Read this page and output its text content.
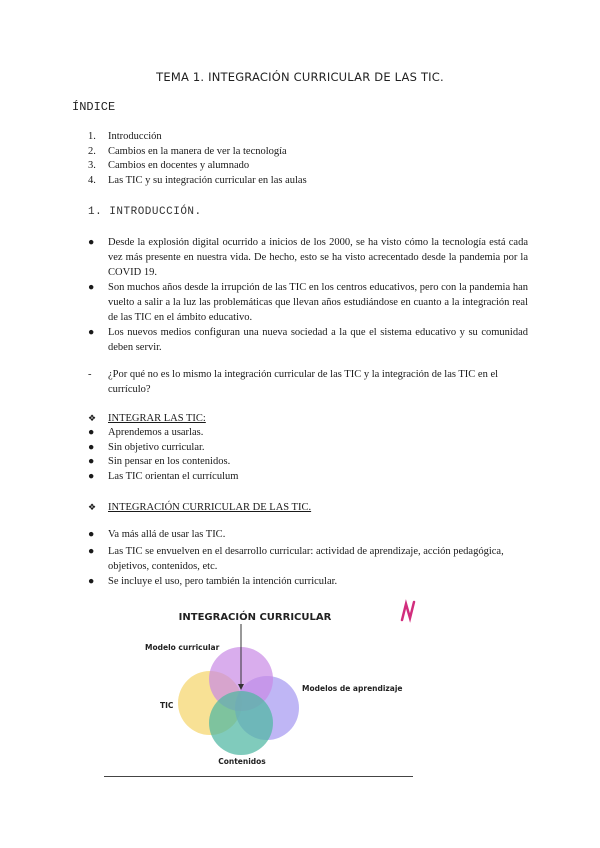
TEMA 1. INTEGRACIÓN CURRICULAR DE LAS TIC.
ÍNDICE
1. Introducción
2. Cambios en la manera de ver la tecnología
3. Cambios en docentes y alumnado
4. Las TIC y su integración curricular en las aulas
1. INTRODUCCIÓN.
●	Desde la explosión digital ocurrido a inicios de los 2000, se ha visto cómo la tecnología está cada vez más presente en nuestra vida. De hecho, esto se ha visto acrecentado desde la pandemia por la COVID 19.
●	Son muchos años desde la irrupción de las TIC en los centros educativos, pero con la pandemia han vuelto a salir a la luz las problemáticas que llevan años estudiándose en cuanto a la integración real de las TIC en el ámbito educativo.
●	Los nuevos medios configuran una nueva sociedad a la que el sistema educativo y su comunidad deben servir.
-	¿Por qué no es lo mismo la integración curricular de las TIC y la integración de las TIC en el currículo?
❖ INTEGRAR LAS TIC:
● Aprendemos a usarlas.
● Sin objetivo curricular.
● Sin pensar en los contenidos.
● Las TIC orientan el currículum
❖ INTEGRACIÓN CURRICULAR DE LAS TIC.
●	Va más allá de usar las TIC.
●	Las TIC se envuelven en el desarrollo curricular: actividad de aprendizaje, acción pedagógica, objetivos, contenidos, etc.
●	Se incluye el uso, pero también la intención curricular.
INTEGRACIÓN CURRICULAR
Modelo curricular
Modelos de aprendizaje
TIC
Contenidos
